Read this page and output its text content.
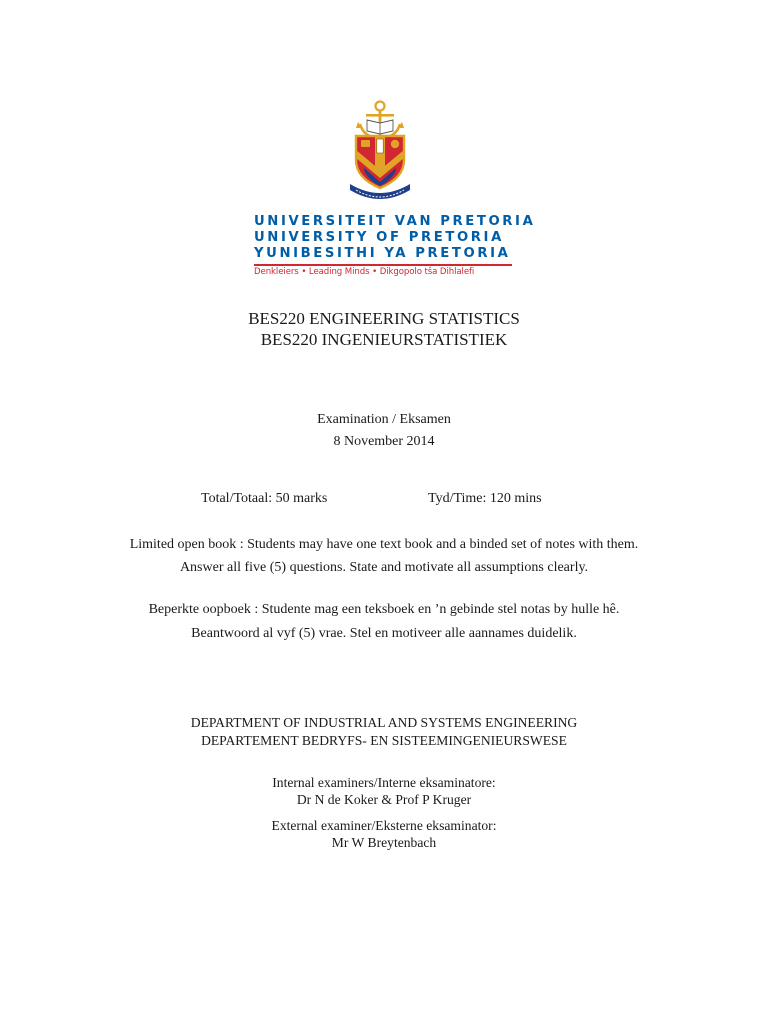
UNIVERSITEIT VAN PRETORIA
UNIVERSITY OF PRETORIA
YUNIBESITHI YA PRETORIA
Denkleiers • Leading Minds • Dikgopolo tša Dihlalefi
BES220 ENGINEERING STATISTICS
BES220 INGENIEURSTATISTIEK
Examination / Eksamen
8 November 2014
Total/Totaal: 50 marks	Tyd/Time: 120 mins
Limited open book : Students may have one text book and a binded set of notes with them.
Answer all five (5) questions. State and motivate all assumptions clearly.
Beperkte oopboek : Studente mag een teksboek en ’n gebinde stel notas by hulle hê.
Beantwoord al vyf (5) vrae. Stel en motiveer alle aannames duidelik.
DEPARTMENT OF INDUSTRIAL AND SYSTEMS ENGINEERING
DEPARTEMENT BEDRYFS- EN SISTEEMINGENIEURSWESE
Internal examiners/Interne eksaminatore:
Dr N de Koker & Prof P Kruger
External examiner/Eksterne eksaminator:
Mr W Breytenbach
